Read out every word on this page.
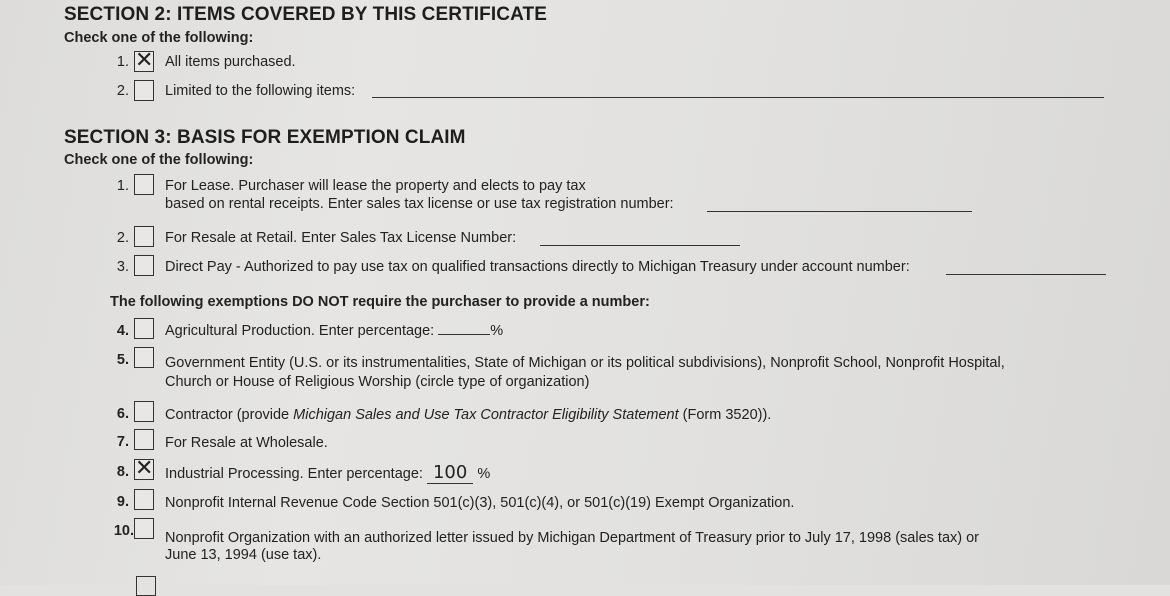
SECTION 2: ITEMS COVERED BY THIS CERTIFICATE
Check one of the following:
1. ✕ All items purchased.
2. Limited to the following items:
SECTION 3: BASIS FOR EXEMPTION CLAIM
Check one of the following:
1. For Lease. Purchaser will lease the property and elects to pay tax
based on rental receipts. Enter sales tax license or use tax registration number:
2. For Resale at Retail. Enter Sales Tax License Number:
3. Direct Pay - Authorized to pay use tax on qualified transactions directly to Michigan Treasury under account number:
The following exemptions DO NOT require the purchaser to provide a number:
4. Agricultural Production. Enter percentage:	%
5. Government Entity (U.S. or its instrumentalities, State of Michigan or its political subdivisions), Nonprofit School, Nonprofit Hospital,
Church or House of Religious Worship (circle type of organization)
6. Contractor (provide Michigan Sales and Use Tax Contractor Eligibility Statement (Form 3520)).
7. For Resale at Wholesale.
8. ✕ Industrial Processing. Enter percentage: 100 %
9. Nonprofit Internal Revenue Code Section 501(c)(3), 501(c)(4), or 501(c)(19) Exempt Organization.
10. Nonprofit Organization with an authorized letter issued by Michigan Department of Treasury prior to July 17, 1998 (sales tax) or
June 13, 1994 (use tax).
